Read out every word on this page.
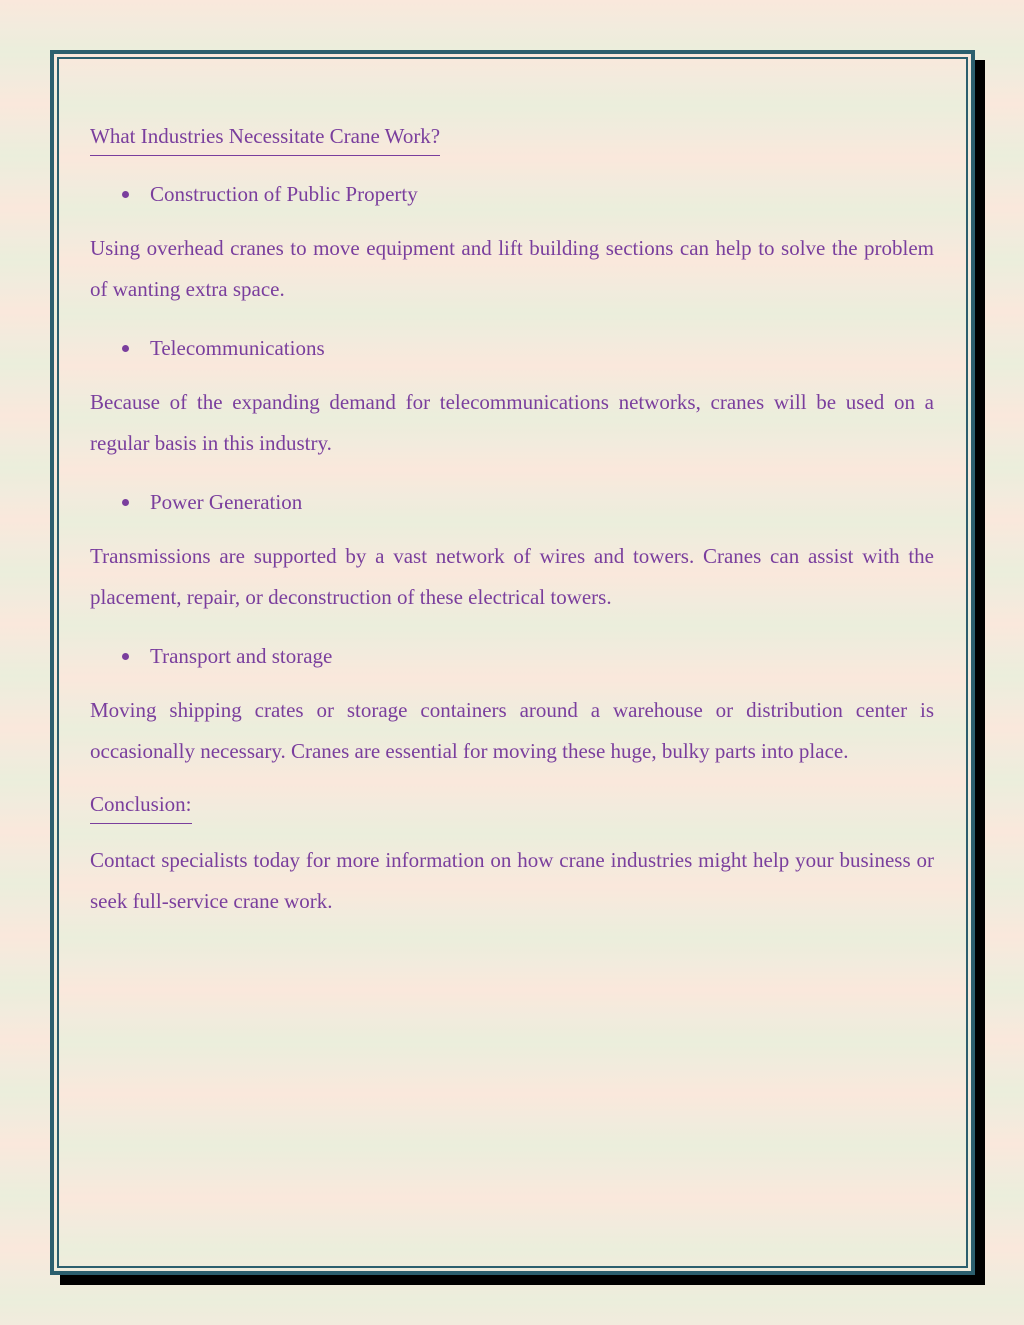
What Industries Necessitate Crane Work?
Construction of Public Property

Using overhead cranes to move equipment and lift building sections can help to solve the problem of wanting extra space.

Telecommunications

Because of the expanding demand for telecommunications networks, cranes will be used on a regular basis in this industry.

Power Generation

Transmissions are supported by a vast network of wires and towers. Cranes can assist with the placement, repair, or deconstruction of these electrical towers.

Transport and storage

Moving shipping crates or storage containers around a warehouse or distribution center is occasionally necessary. Cranes are essential for moving these huge, bulky parts into place.

Conclusion:

Contact specialists today for more information on how crane industries might help your business or seek full-service crane work.
